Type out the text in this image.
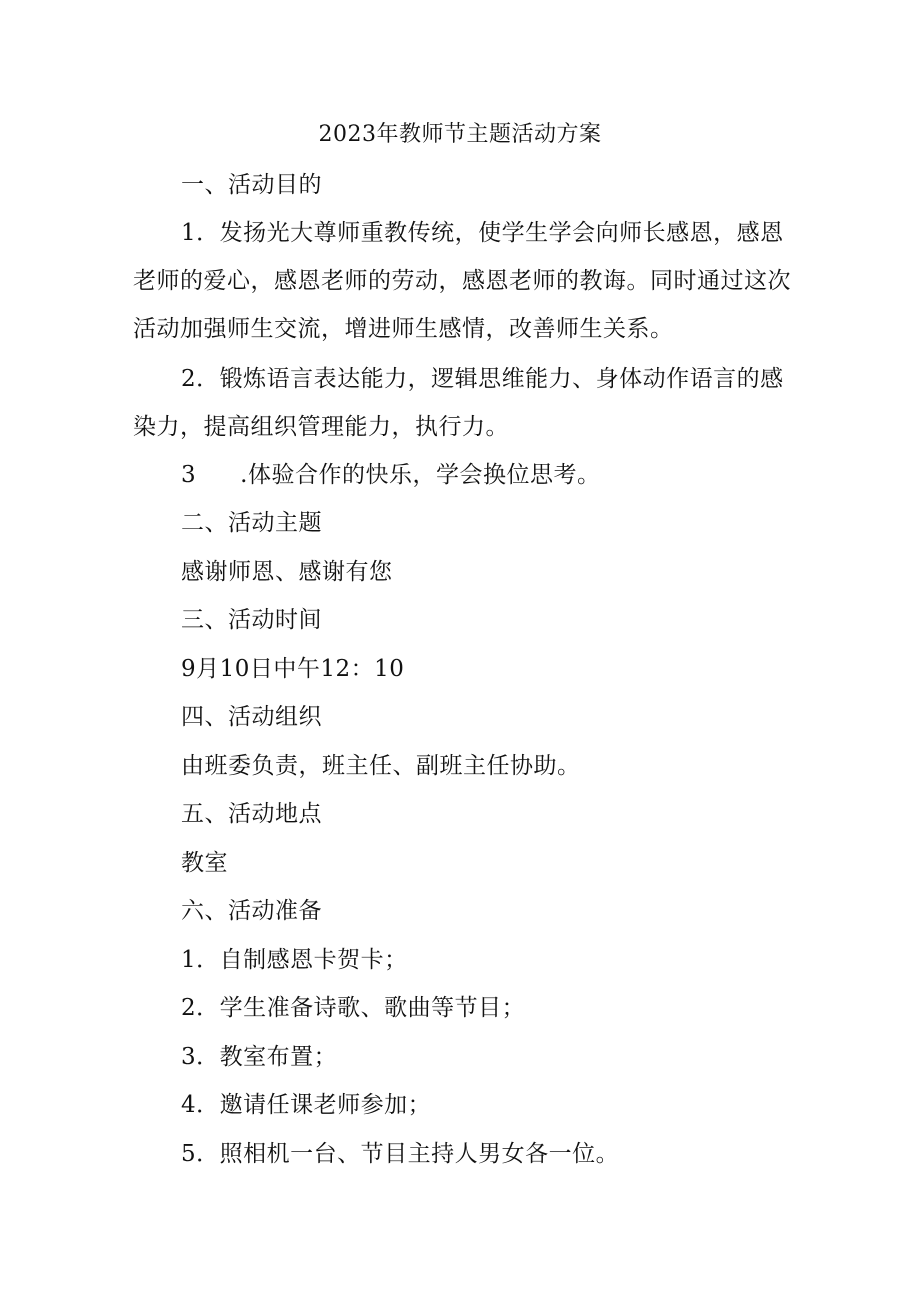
2023年教师节主题活动方案
一、活动目的
1．发扬光大尊师重教传统，使学生学会向师长感恩，感恩
老师的爱心，感恩老师的劳动，感恩老师的教诲。同时通过这次
活动加强师生交流，增进师生感情，改善师生关系。
2．锻炼语言表达能力，逻辑思维能力、身体动作语言的感
染力，提高组织管理能力，执行力。
3 .体验合作的快乐，学会换位思考。
二、活动主题
感谢师恩、感谢有您
三、活动时间
9月10日中午12：10
四、活动组织
由班委负责，班主任、副班主任协助。
五、活动地点
教室
六、活动准备
1．自制感恩卡贺卡；
2．学生准备诗歌、歌曲等节目；
3．教室布置；
4．邀请任课老师参加；
5．照相机一台、节目主持人男女各一位。
